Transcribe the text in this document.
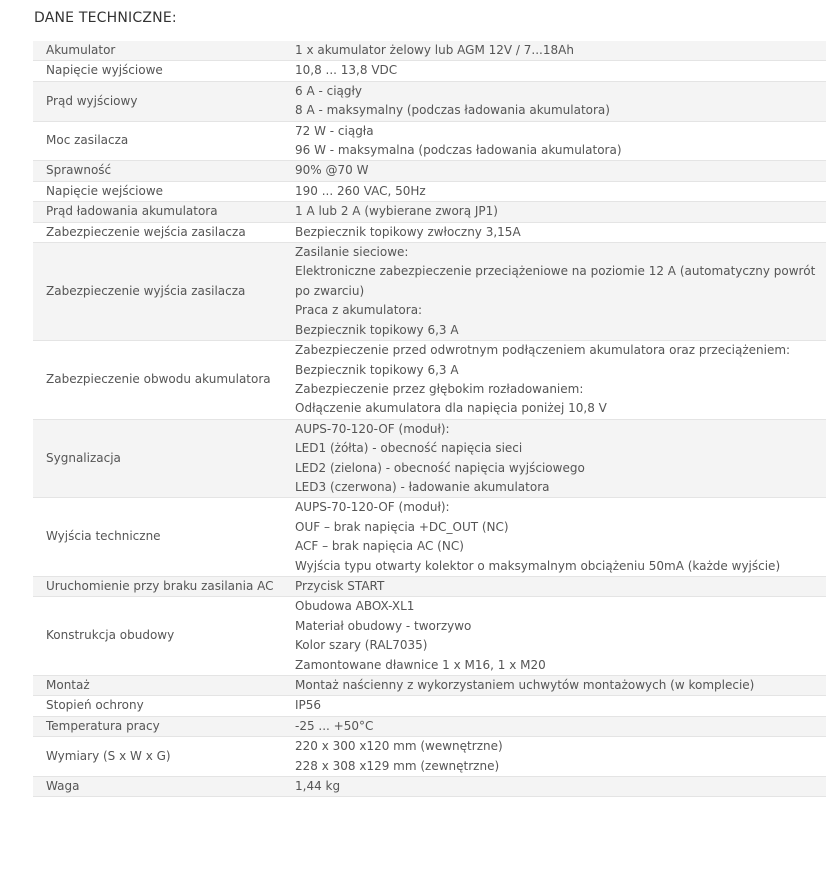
DANE TECHNICZNE:
Akumulator	1 x akumulator żelowy lub AGM 12V / 7...18Ah

Napięcie wyjściowe	10,8 ... 13,8 VDC

Prąd wyjściowy	6 A - ciągły
8 A - maksymalny (podczas ładowania akumulatora)

Moc zasilacza	72 W - ciągła
96 W - maksymalna (podczas ładowania akumulatora)

Sprawność	90% @70 W

Napięcie wejściowe	190 ... 260 VAC, 50Hz

Prąd ładowania akumulatora	1 A lub 2 A (wybierane zworą JP1)

Zabezpieczenie wejścia zasilacza	Bezpiecznik topikowy zwłoczny 3,15A

Zabezpieczenie wyjścia zasilacza	Zasilanie sieciowe:
Elektroniczne zabezpieczenie przeciążeniowe na poziomie 12 A (automatyczny powrót po zwarciu)
Praca z akumulatora:
Bezpiecznik topikowy 6,3 A

Zabezpieczenie obwodu akumulatora	Zabezpieczenie przed odwrotnym podłączeniem akumulatora oraz przeciążeniem:
Bezpiecznik topikowy 6,3 A
Zabezpieczenie przez głębokim rozładowaniem:
Odłączenie akumulatora dla napięcia poniżej 10,8 V

Sygnalizacja	AUPS-70-120-OF (moduł):
LED1 (żółta) - obecność napięcia sieci
LED2 (zielona) - obecność napięcia wyjściowego
LED3 (czerwona) - ładowanie akumulatora

Wyjścia techniczne	AUPS-70-120-OF (moduł):
OUF – brak napięcia +DC_OUT (NC)
ACF – brak napięcia AC (NC)
Wyjścia typu otwarty kolektor o maksymalnym obciążeniu 50mA (każde wyjście)

Uruchomienie przy braku zasilania AC	Przycisk START

Konstrukcja obudowy	Obudowa ABOX-XL1
Materiał obudowy - tworzywo
Kolor szary (RAL7035)
Zamontowane dławnice 1 x M16, 1 x M20

Montaż	Montaż naścienny z wykorzystaniem uchwytów montażowych (w komplecie)

Stopień ochrony	IP56

Temperatura pracy	-25 ... +50°C

Wymiary (S x W x G)	220 x 300 x120 mm (wewnętrzne)
228 x 308 x129 mm (zewnętrzne)

Waga	1,44 kg
